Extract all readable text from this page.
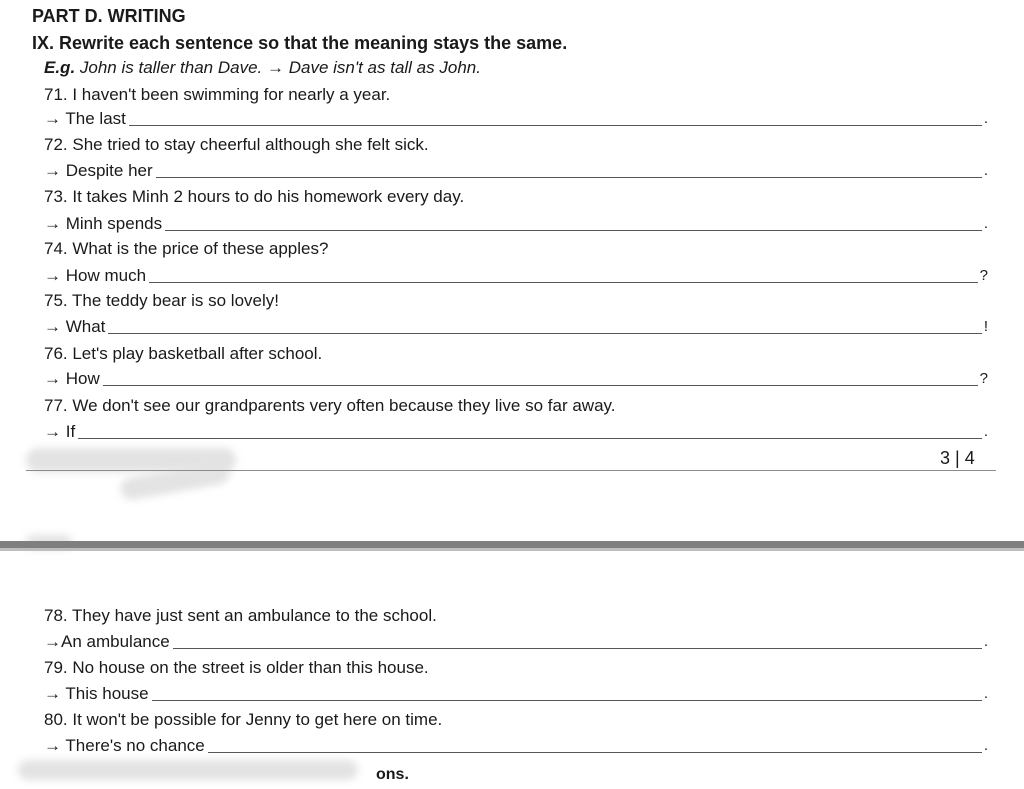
PART D. WRITING
IX. Rewrite each sentence so that the meaning stays the same.
E.g. John is taller than Dave. → Dave isn't as tall as John.
71. I haven't been swimming for nearly a year.
→ The last	.
72. She tried to stay cheerful although she felt sick.
→ Despite her	.
73. It takes Minh 2 hours to do his homework every day.
→ Minh spends	.
74. What is the price of these apples?
→ How much	?
75. The teddy bear is so lovely!
→ What	!
76. Let's play basketball after school.
→ How	?
77. We don't see our grandparents very often because they live so far away.
→ If	.
3 | 4
78. They have just sent an ambulance to the school.
→An ambulance	.
79. No house on the street is older than this house.
→ This house	.
80. It won't be possible for Jenny to get here on time.
→ There's no chance	.
ons.
